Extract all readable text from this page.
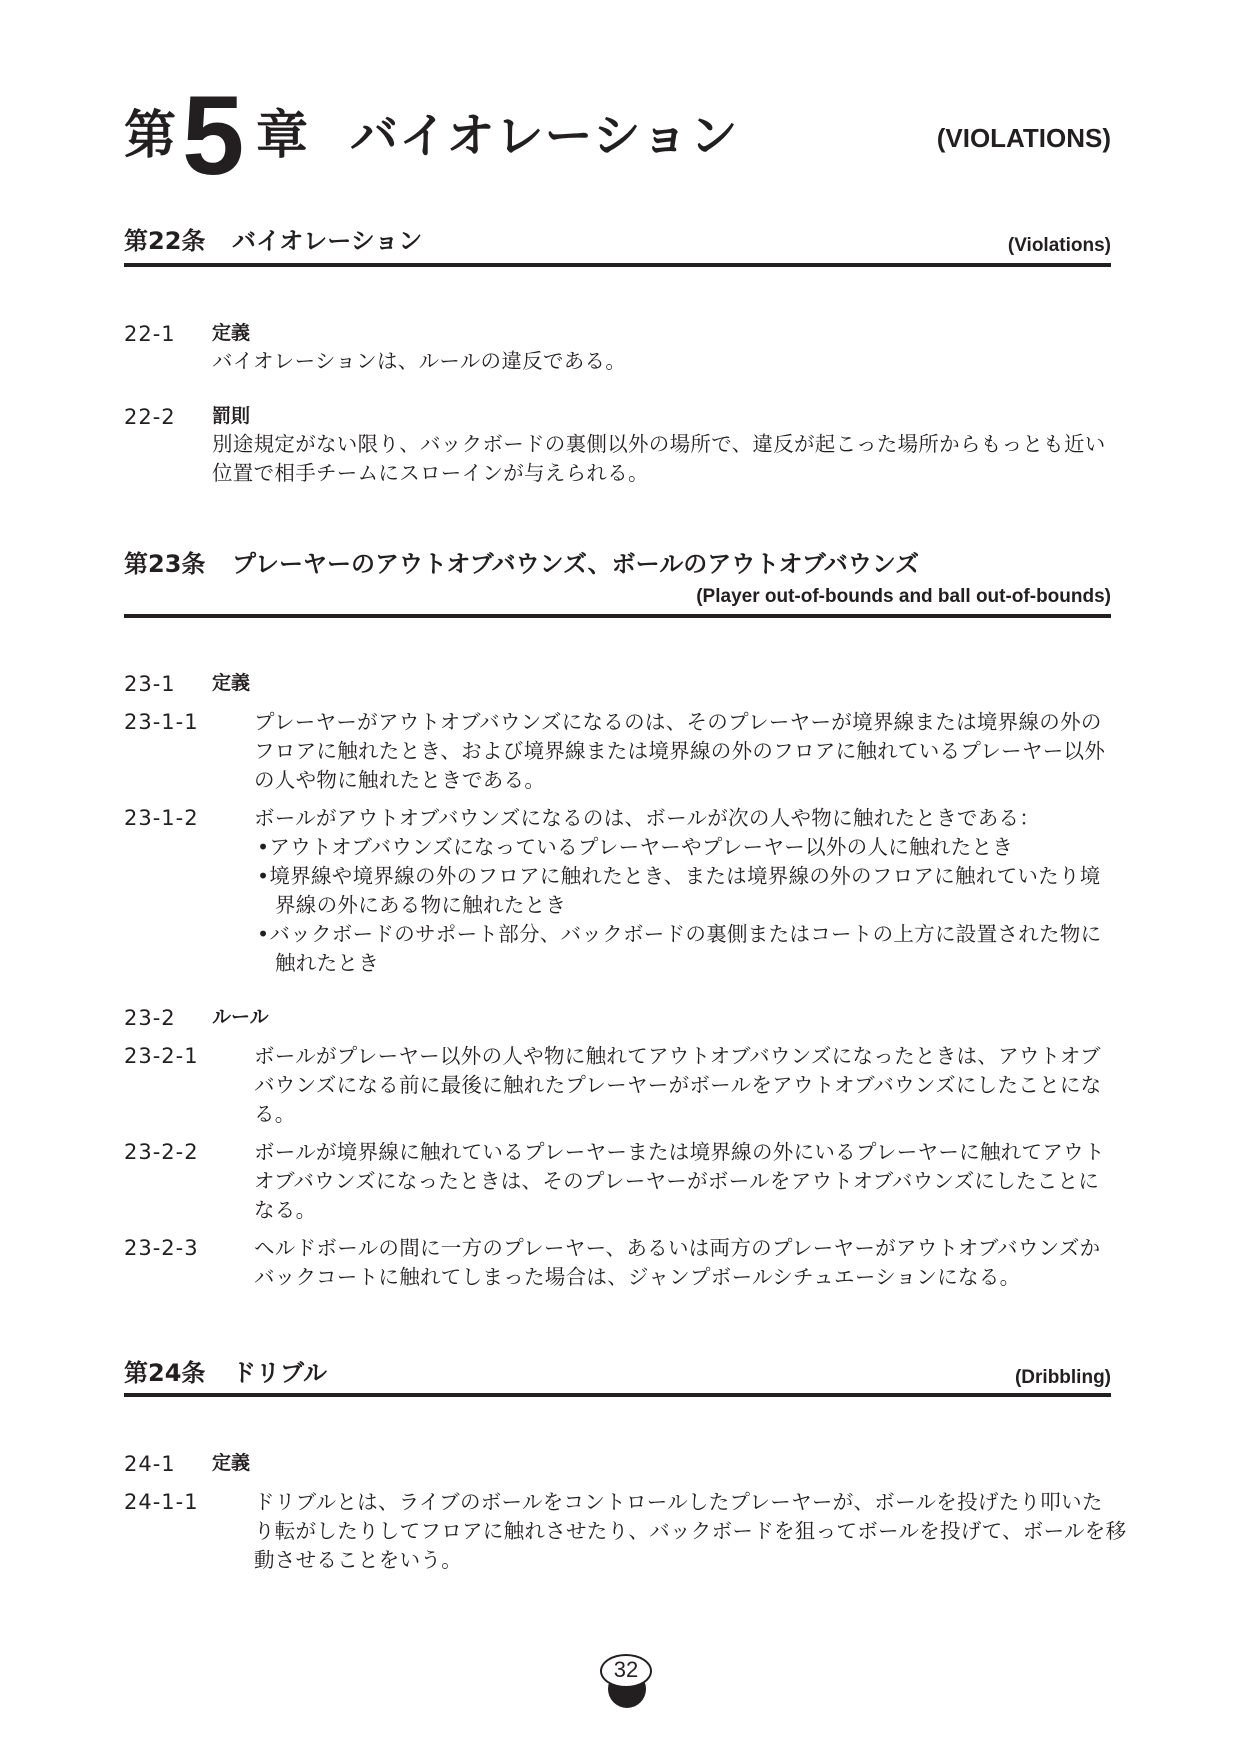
第 5 章 バイオレーション	(VIOLATIONS)
第22条 バイオレーション	(Violations)
22-1 定義
バイオレーションは、ルールの違反である。
22-2 罰則
別途規定がない限り、バックボードの裏側以外の場所で、違反が起こった場所からもっとも近い
位置で相手チームにスローインが与えられる。
第23条 プレーヤーのアウトオブバウンズ、ボールのアウトオブバウンズ
(Player out-of-bounds and ball out-of-bounds)
23-1 定義
23-1-1	プレーヤーがアウトオブバウンズになるのは、そのプレーヤーが境界線または境界線の外の
フロアに触れたとき、および境界線または境界線の外のフロアに触れているプレーヤー以外
の人や物に触れたときである。
23-1-2	ボールがアウトオブバウンズになるのは、ボールが次の人や物に触れたときである：
•アウトオブバウンズになっているプレーヤーやプレーヤー以外の人に触れたとき
•境界線や境界線の外のフロアに触れたとき、または境界線の外のフロアに触れていたり境
界線の外にある物に触れたとき
•バックボードのサポート部分、バックボードの裏側またはコートの上方に設置された物に
触れたとき
23-2 ルール
23-2-1	ボールがプレーヤー以外の人や物に触れてアウトオブバウンズになったときは、アウトオブ
バウンズになる前に最後に触れたプレーヤーがボールをアウトオブバウンズにしたことにな
る。
23-2-2	ボールが境界線に触れているプレーヤーまたは境界線の外にいるプレーヤーに触れてアウト
オブバウンズになったときは、そのプレーヤーがボールをアウトオブバウンズにしたことに
なる。
23-2-3	ヘルドボールの間に一方のプレーヤー、あるいは両方のプレーヤーがアウトオブバウンズか
バックコートに触れてしまった場合は、ジャンプボールシチュエーションになる。
第24条 ドリブル	(Dribbling)
24-1 定義
24-1-1	ドリブルとは、ライブのボールをコントロールしたプレーヤーが、ボールを投げたり叩いた
り転がしたりしてフロアに触れさせたり、バックボードを狙ってボールを投げて、ボールを移
動させることをいう。
32
